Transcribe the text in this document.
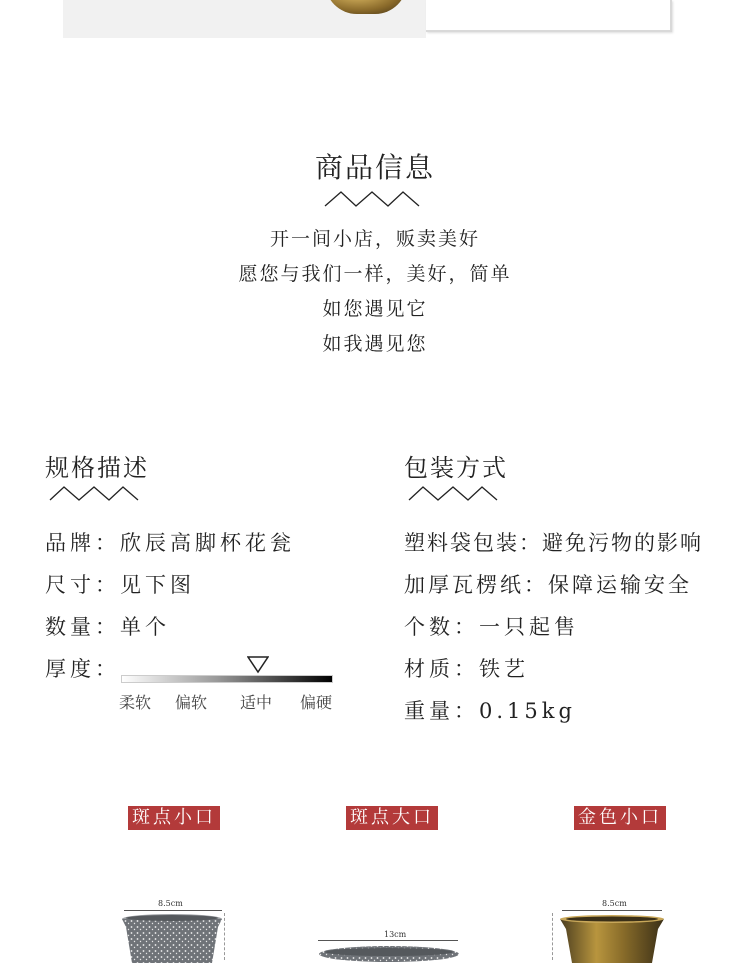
商品信息
开一间小店，贩卖美好
愿您与我们一样，美好，简单
如您遇见它
如我遇见您
规格描述
品牌：欣辰高脚杯花瓮
尺寸：见下图
数量：单个
厚度：
柔软 偏软 适中 偏硬
包装方式
塑料袋包装：避免污物的影响
加厚瓦楞纸：保障运输安全
个数：一只起售
材质：铁艺
重量：0.15kg
斑点小口	斑点大口	金色小口
8.5cm
13cm
8.5cm
